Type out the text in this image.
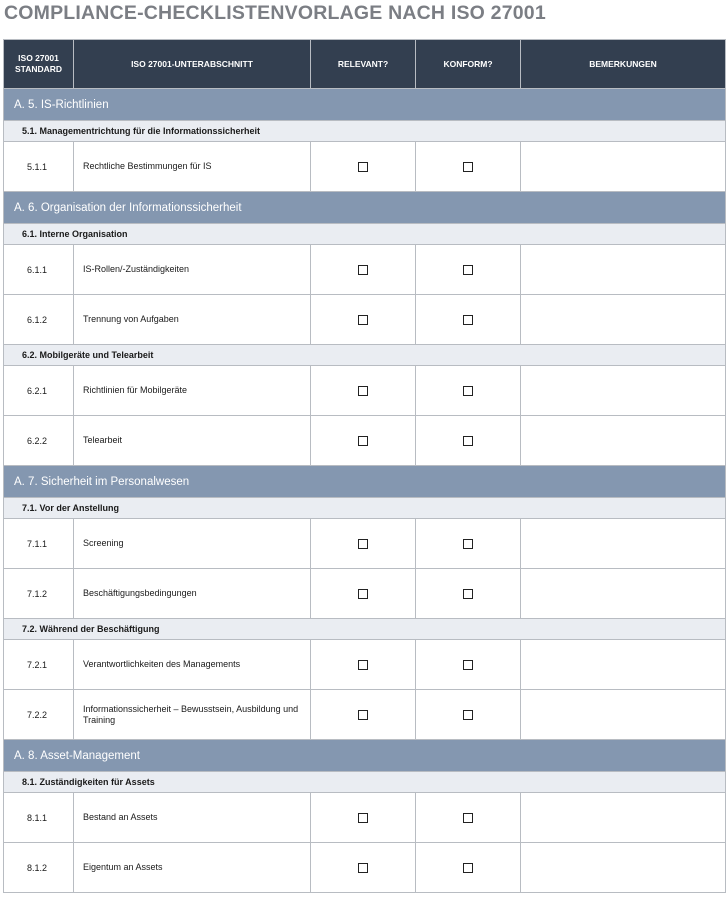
COMPLIANCE-CHECKLISTENVORLAGE NACH ISO 27001
ISO 27001 STANDARD	ISO 27001-UNTERABSCHNITT	RELEVANT?	KONFORM?	BEMERKUNGEN
A. 5. IS-Richtlinien				
5.1. Managementrichtung für die Informationssicherheit				
5.1.1	Rechtliche Bestimmungen für IS			
A. 6. Organisation der Informationssicherheit				
6.1. Interne Organisation				
6.1.1	IS-Rollen/-Zuständigkeiten			
6.1.2	Trennung von Aufgaben			
6.2. Mobilgeräte und Telearbeit				
6.2.1	Richtlinien für Mobilgeräte			
6.2.2	Telearbeit			
A. 7. Sicherheit im Personalwesen				
7.1. Vor der Anstellung				
7.1.1	Screening			
7.1.2	Beschäftigungsbedingungen			
7.2. Während der Beschäftigung				
7.2.1	Verantwortlichkeiten des Managements			
7.2.2	Informationssicherheit – Bewusstsein, Ausbildung und Training			
A. 8. Asset-Management				
8.1. Zuständigkeiten für Assets				
8.1.1	Bestand an Assets			
8.1.2	Eigentum an Assets			
